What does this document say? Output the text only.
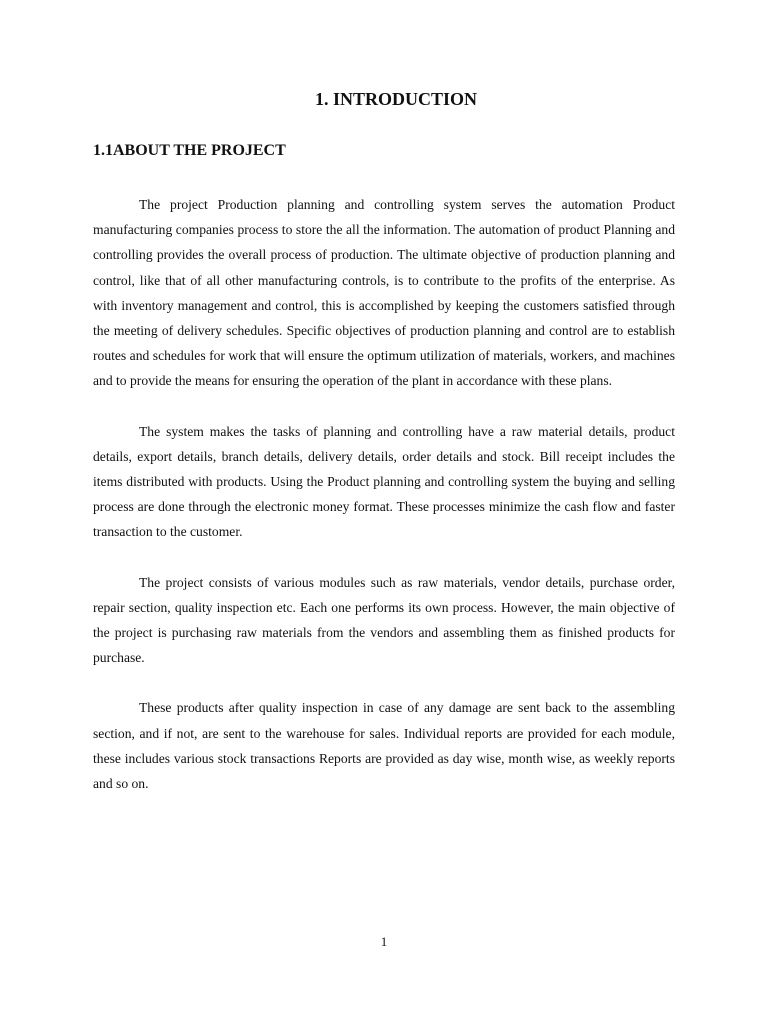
1. INTRODUCTION
1.1ABOUT THE PROJECT

The project Production planning and controlling system serves the automation Product manufacturing companies process to store the all the information. The automation of product Planning and controlling provides the overall process of production. The ultimate objective of production planning and control, like that of all other manufacturing controls, is to contribute to the profits of the enterprise. As with inventory management and control, this is accomplished by keeping the customers satisfied through the meeting of delivery schedules. Specific objectives of production planning and control are to establish routes and schedules for work that will ensure the optimum utilization of materials, workers, and machines and to provide the means for ensuring the operation of the plant in accordance with these plans.

The system makes the tasks of planning and controlling have a raw material details, product details, export details, branch details, delivery details, order details and stock. Bill receipt includes the items distributed with products. Using the Product planning and controlling system the buying and selling process are done through the electronic money format. These processes minimize the cash flow and faster transaction to the customer.

The project consists of various modules such as raw materials, vendor details, purchase order, repair section, quality inspection etc. Each one performs its own process. However, the main objective of the project is purchasing raw materials from the vendors and assembling them as finished products for purchase.

These products after quality inspection in case of any damage are sent back to the assembling section, and if not, are sent to the warehouse for sales. Individual reports are provided for each module, these includes various stock transactions Reports are provided as day wise, month wise, as weekly reports and so on.

1
